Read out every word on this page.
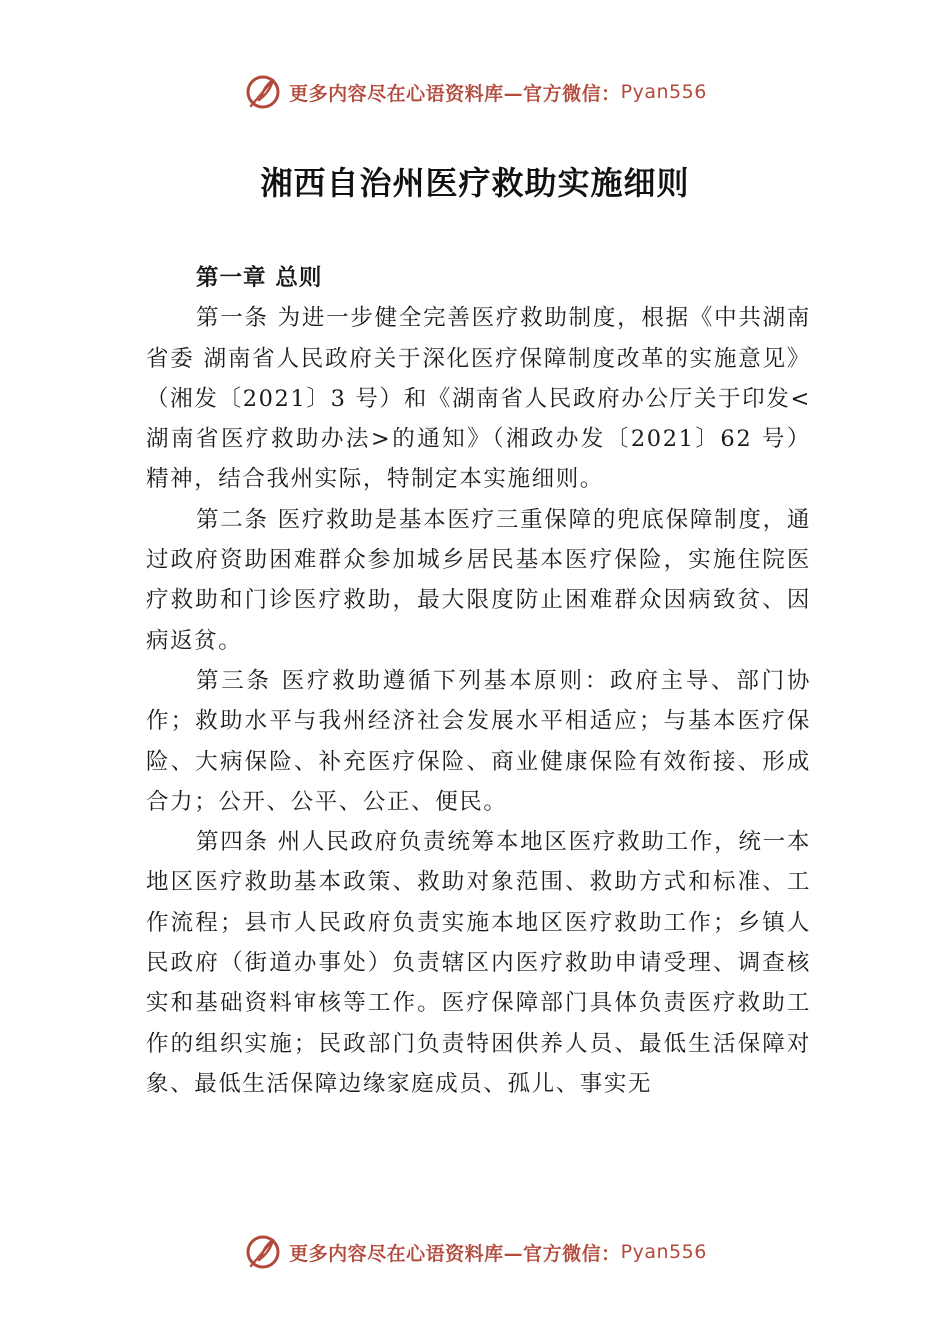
更多内容尽在心语资料库—官方微信： Pyan556
湘西自治州医疗救助实施细则

第一章 总则

第一条 为进一步健全完善医疗救助制度，根据《中共湖南省委 湖南省人民政府关于深化医疗保障制度改革的实施意见》（湘发〔2021〕3 号）和《湖南省人民政府办公厅关于印发<湖南省医疗救助办法>的通知》（湘政办发〔2021〕62 号）精神，结合我州实际，特制定本实施细则。

第二条 医疗救助是基本医疗三重保障的兜底保障制度，通过政府资助困难群众参加城乡居民基本医疗保险，实施住院医疗救助和门诊医疗救助，最大限度防止困难群众因病致贫、因病返贫。

第三条 医疗救助遵循下列基本原则：政府主导、部门协作；救助水平与我州经济社会发展水平相适应；与基本医疗保险、大病保险、补充医疗保险、商业健康保险有效衔接、形成合力；公开、公平、公正、便民。

第四条 州人民政府负责统筹本地区医疗救助工作，统一本地区医疗救助基本政策、救助对象范围、救助方式和标准、工作流程；县市人民政府负责实施本地区医疗救助工作；乡镇人民政府（街道办事处）负责辖区内医疗救助申请受理、调查核实和基础资料审核等工作。医疗保障部门具体负责医疗救助工作的组织实施；民政部门负责特困供养人员、最低生活保障对象、最低生活保障边缘家庭成员、孤儿、事实无

更多内容尽在心语资料库—官方微信： Pyan556
